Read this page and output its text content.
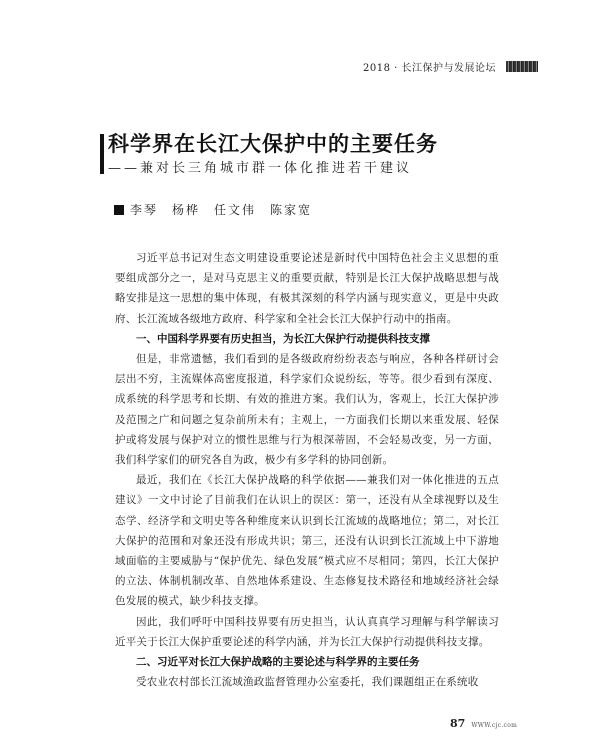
2018 · 长江保护与发展论坛
科学界在长江大保护中的主要任务
——兼对长三角城市群一体化推进若干建议
李琴 杨桦 任文伟 陈家宽

习近平总书记对生态文明建设重要论述是新时代中国特色社会主义思想的重要组成部分之一，是对马克思主义的重要贡献，特别是长江大保护战略思想与战略安排是这一思想的集中体现，有极其深刻的科学内涵与现实意义，更是中央政府、长江流域各级地方政府、科学家和全社会长江大保护行动中的指南。

一、中国科学界要有历史担当，为长江大保护行动提供科技支撑

但是，非常遗憾，我们看到的是各级政府纷纷表态与响应，各种各样研讨会层出不穷，主流媒体高密度报道，科学家们众说纷纭，等等。很少看到有深度、成系统的科学思考和长期、有效的推进方案。我们认为，客观上，长江大保护涉及范围之广和问题之复杂前所未有；主观上，一方面我们长期以来重发展、轻保护或将发展与保护对立的惯性思维与行为根深蒂固，不会轻易改变，另一方面，我们科学家们的研究各自为政，极少有多学科的协同创新。

最近，我们在《长江大保护战略的科学依据——兼我们对一体化推进的五点建议》一文中讨论了目前我们在认识上的误区：第一，还没有从全球视野以及生态学、经济学和文明史等各种维度来认识到长江流域的战略地位；第二，对长江大保护的范围和对象还没有形成共识；第三，还没有认识到长江流域上中下游地域面临的主要威胁与“保护优先、绿色发展”模式应不尽相同；第四，长江大保护的立法、体制机制改革、自然地体系建设、生态修复技术路径和地域经济社会绿色发展的模式，缺少科技支撑。

因此，我们呼吁中国科技界要有历史担当，认认真真学习理解与科学解读习近平关于长江大保护重要论述的科学内涵，并为长江大保护行动提供科技支撑。

二、习近平对长江大保护战略的主要论述与科学界的主要任务

受农业农村部长江流域渔政监督管理办公室委托，我们课题组正在系统收

87 WWW.cjc.com
